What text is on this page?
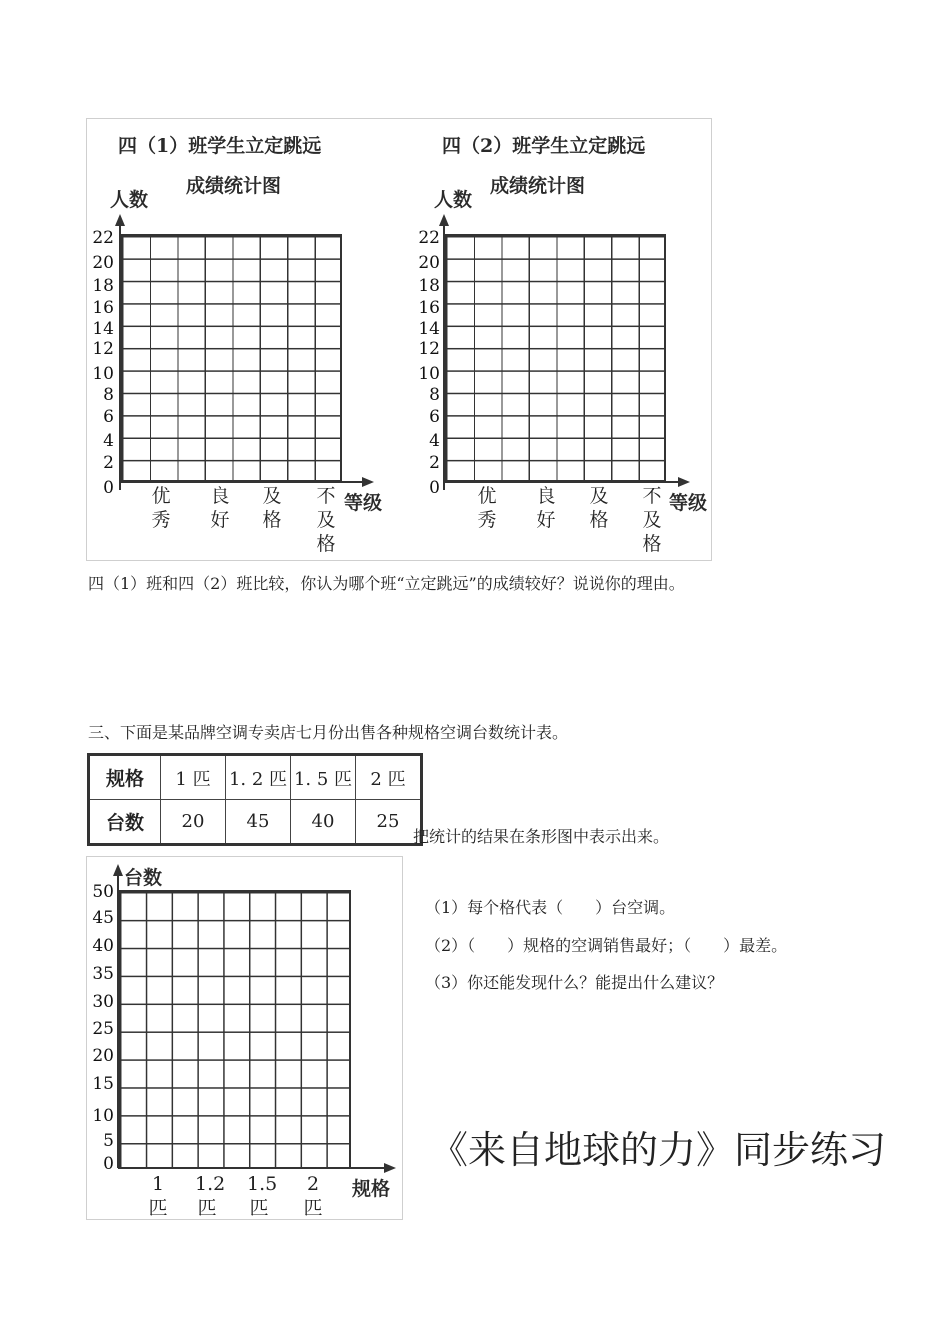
四（1）班学生立定跳远
成绩统计图
人数
22
20
18
16
14
12
10
8
6
4
2
0
等级
优
秀
良
好
及
格
不
及
格
四（2）班学生立定跳远
成绩统计图
人数
22
20
18
16
14
12
10
8
6
4
2
0
等级
优
秀
良
好
及
格
不
及
格
四（1）班和四（2）班比较，你认为哪个班“立定跳远”的成绩较好？说说你的理由。
三、下面是某品牌空调专卖店七月份出售各种规格空调台数统计表。
规格	1 匹	1. 2 匹	1. 5 匹	2 匹
台数	20	45	40	25
把统计的结果在条形图中表示出来。
台数
50
45
40
35
30
25
20
15
10
5
0
规格
1
匹
1.2
匹
1.5
匹
2
匹
（1）每个格代表（　　）台空调。
（2）（　　）规格的空调销售最好；（　　）最差。
（3）你还能发现什么？能提出什么建议？
《来自地球的力》同步练习
